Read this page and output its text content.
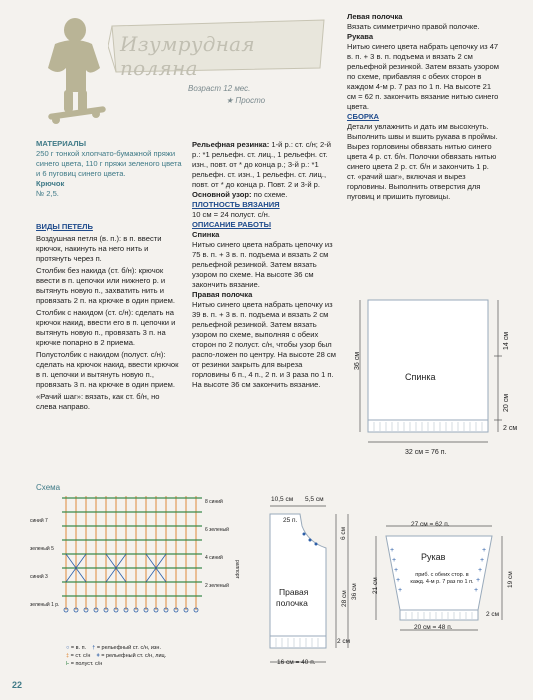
Изумрудная поляна
Возраст 12 мес.
★ Просто
МАТЕРИАЛЫ
250 г тонкой хлопчато-бумажной пряжи синего цвета, 110 г пряжи зеленого цвета и 6 пуговиц синего цвета.
Крючок
№ 2,5.
ВИДЫ ПЕТЕЛЬ
Воздушная петля (в. п.): в п. ввести крючок, накинуть на него нить и протянуть через п.
Столбик без накида (ст. б/н): крючок ввести в п. цепочки или нижнего р. и вытянуть новую п., захватить нить и провязать 2 п. на крючке в один прием.
Столбик с накидом (ст. с/н): сделать на крючок накид, ввести его в п. цепочки и вытянуть новую п., провязать 3 п. на крючке попарно в 2 приема.
Полустолбик с накидом (полуст. с/н): сделать на крючок накид, ввести крючок в п. цепочки и вытянуть новую п., провязать 3 п. на крючке в один прием.
«Рачий шаг»: вязать, как ст. б/н, но слева направо.
Рельефная резинка: 1-й р.: ст. с/н; 2-й р.: *1 рельефн. ст. лиц., 1 рельефн. ст. изн., повт. от * до конца р.; 3-й р.: *1 рельефн. ст. изн., 1 рельефн. ст. лиц., повт. от * до конца р. Повт. 2 и 3-й р.
Основной узор: по схеме.
ПЛОТНОСТЬ ВЯЗАНИЯ
10 см = 24 полуст. с/н.
ОПИСАНИЕ РАБОТЫ
Спинка
Нитью синего цвета набрать цепочку из 75 в. п. + 3 в. п. подъема и вязать 2 см рельефной резинкой. Затем вязать узором по схеме. На высоте 36 см закончить вязание.
Правая полочка
Нитью синего цвета набрать цепочку из 39 в. п. + 3 в. п. подъема и вязать 2 см рельефной резинкой. Затем вязать узором по схеме, выполняя с обеих сторон по 2 полуст. с/н, чтобы узор был распо-ложен по центру. На высоте 28 см от резинки закрыть для выреза горловины 6 п., 4 п., 2 п. и 3 раза по 1 п. На высоте 36 см закончить вязание.
Левая полочка
Вязать симметрично правой полочке.
Рукава
Нитью синего цвета набрать цепочку из 47 в. п. + 3 в. п. подъема и вязать 2 см рельефной резинкой. Затем вязать узором по схеме, прибавляя с обеих сторон в каждом 4-м р. 7 раз по 1 п. На высоте 21 см = 62 п. закончить вязание нитью синего цвета.
СБОРКА
Детали увлажнить и дать им высохнуть. Выполнить швы и вшить рукава в проймы. Вырез горловины обвязать нитью синего цвета 4 р. ст. б/н. Полочки обвязать нитью синего цвета 2 р. ст. б/н и закончить 1 р. ст. «рачий шаг», включая и вырез горловины. Выполнить отверстия для пуговиц и пришить пуговицы.
Спинка
36 см
14 см
20 см
2 см
32 см = 76 п.
Схема
синий 7
зеленый 5
синий 3
зеленый 1 р.
8 синий
6 зеленый
4 синий
2 зеленый
раппорт
○ = в. п. † = рельефный ст. с/н, изн.
‡ = ст. с/н ǂ = рельефный ст. с/н, лиц.
Ⱶ = полуст. с/н
10,5 см 5,5 см
25 п.
Правая
полочка
6 см
28 см 36 см
2 см
16 см = 40 п.
+
+
+
+
+
+
+
+
+
+
27 см = 62 п.
Рукав
приб. с обеих стор. в кажд. 4-м р. 7 раз по 1 п.
21 см	19 см
2 см
20 см = 48 п.
22
